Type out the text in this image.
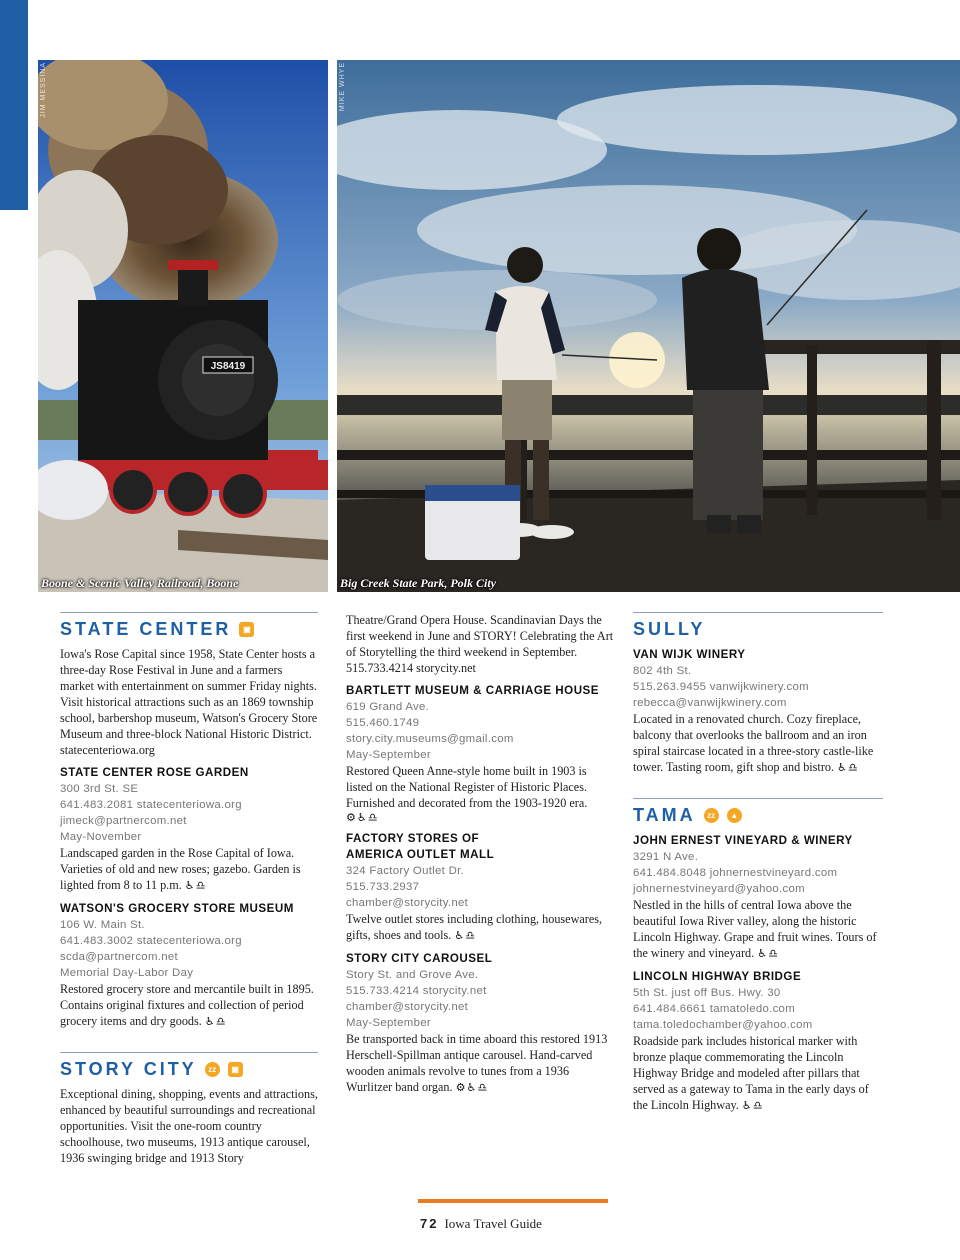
JS8419
JIM MESSINA
Boone & Scenic Valley Railroad, Boone
MIKE WHYE
Big Creek State Park, Polk City
STATE CENTER	▣
Iowa's Rose Capital since 1958, State Center hosts a three-day Rose Festival in June and a farmers market with entertainment on summer Friday nights. Visit historical attractions such as an 1869 township school, barbershop museum, Watson's Grocery Store Museum and three-block National Historic District. statecenteriowa.org
STATE CENTER ROSE GARDEN
300 3rd St. SE
641.483.2081 statecenteriowa.org
jimeck@partnercom.net
May-November
Landscaped garden in the Rose Capital of Iowa. Varieties of old and new roses; gazebo. Garden is lighted from 8 to 11 p.m. ♿♎
WATSON'S GROCERY STORE MUSEUM
106 W. Main St.
641.483.3002 statecenteriowa.org
scda@partnercom.net
Memorial Day-Labor Day
Restored grocery store and mercantile built in 1895. Contains original fixtures and collection of period grocery items and dry goods. ♿♎
STORY CITY	zz	▣
Exceptional dining, shopping, events and attractions, enhanced by beautiful surroundings and recreational opportunities. Visit the one-room country schoolhouse, two museums, 1913 antique carousel, 1936 swinging bridge and 1913 Story
Theatre/Grand Opera House. Scandinavian Days the first weekend in June and STORY! Celebrating the Art of Storytelling the third weekend in September. 515.733.4214 storycity.net
BARTLETT MUSEUM & CARRIAGE HOUSE
619 Grand Ave.
515.460.1749
story.city.museums@gmail.com
May-September
Restored Queen Anne-style home built in 1903 is listed on the National Register of Historic Places. Furnished and decorated from the 1903-1920 era.
⚙♿♎
FACTORY STORES OF
AMERICA OUTLET MALL
324 Factory Outlet Dr.
515.733.2937
chamber@storycity.net
Twelve outlet stores including clothing, housewares, gifts, shoes and tools. ♿♎
STORY CITY CAROUSEL
Story St. and Grove Ave.
515.733.4214 storycity.net
chamber@storycity.net
May-September
Be transported back in time aboard this restored 1913 Herschell-Spillman antique carousel. Hand-carved wooden animals revolve to tunes from a 1936 Wurlitzer band organ. ⚙♿♎
SULLY
VAN WIJK WINERY
802 4th St.
515.263.9455 vanwijkwinery.com
rebecca@vanwijkwinery.com
Located in a renovated church. Cozy fireplace, balcony that overlooks the ballroom and an iron spiral staircase located in a three-story castle-like tower. Tasting room, gift shop and bistro. ♿♎
TAMA	zz	▲
JOHN ERNEST VINEYARD & WINERY
3291 N Ave.
641.484.8048 johnernestvineyard.com
johnernestvineyard@yahoo.com
Nestled in the hills of central Iowa above the beautiful Iowa River valley, along the historic Lincoln Highway. Grape and fruit wines. Tours of the winery and vineyard. ♿♎
LINCOLN HIGHWAY BRIDGE
5th St. just off Bus. Hwy. 30
641.484.6661 tamatoledo.com
tama.toledochamber@yahoo.com
Roadside park includes historical marker with bronze plaque commemorating the Lincoln Highway Bridge and modeled after pillars that served as a gateway to Tama in the early days of the Lincoln Highway. ♿♎
72 Iowa Travel Guide
